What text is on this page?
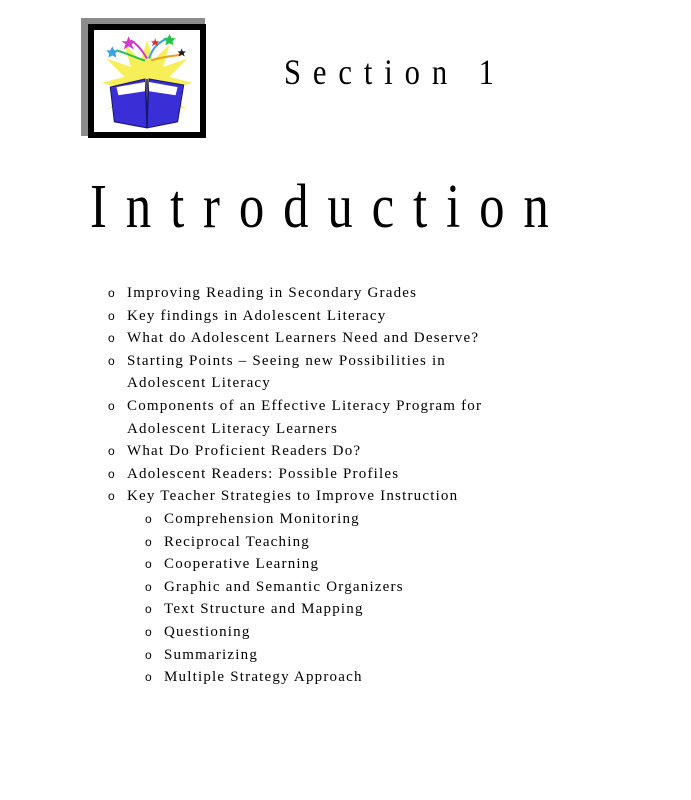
Section 1
Introduction
o Improving Reading in Secondary Grades
o Key findings in Adolescent Literacy
o What do Adolescent Learners Need and Deserve?
o Starting Points – Seeing new Possibilities in Adolescent Literacy
o Components of an Effective Literacy Program for Adolescent Literacy Learners
o What Do Proficient Readers Do?
o Adolescent Readers: Possible Profiles
o Key Teacher Strategies to Improve Instruction
o Comprehension Monitoring
o Reciprocal Teaching
o Cooperative Learning
o Graphic and Semantic Organizers
o Text Structure and Mapping
o Questioning
o Summarizing
o Multiple Strategy Approach
